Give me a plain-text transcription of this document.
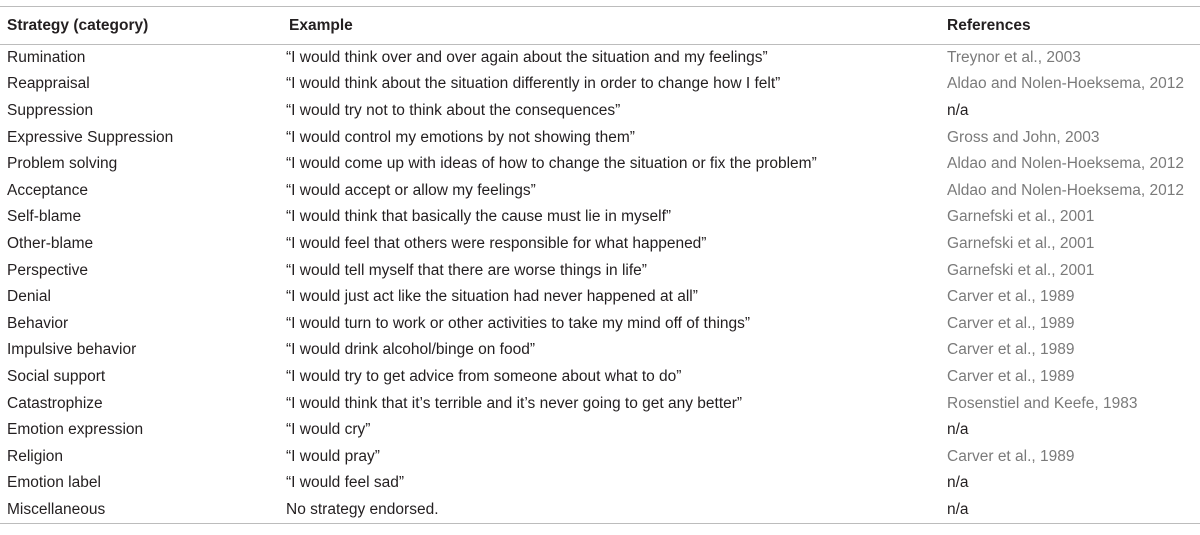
Strategy (category)	Example	References
Rumination	“I would think over and over again about the situation and my feelings”	Treynor et al., 2003
Reappraisal	“I would think about the situation differently in order to change how I felt”	Aldao and Nolen-Hoeksema, 2012
Suppression	“I would try not to think about the consequences”	n/a
Expressive Suppression	“I would control my emotions by not showing them”	Gross and John, 2003
Problem solving	“I would come up with ideas of how to change the situation or fix the problem”	Aldao and Nolen-Hoeksema, 2012
Acceptance	“I would accept or allow my feelings”	Aldao and Nolen-Hoeksema, 2012
Self-blame	“I would think that basically the cause must lie in myself”	Garnefski et al., 2001
Other-blame	“I would feel that others were responsible for what happened”	Garnefski et al., 2001
Perspective	“I would tell myself that there are worse things in life”	Garnefski et al., 2001
Denial	“I would just act like the situation had never happened at all”	Carver et al., 1989
Behavior	“I would turn to work or other activities to take my mind off of things”	Carver et al., 1989
Impulsive behavior	“I would drink alcohol/binge on food”	Carver et al., 1989
Social support	“I would try to get advice from someone about what to do”	Carver et al., 1989
Catastrophize	“I would think that it’s terrible and it’s never going to get any better”	Rosenstiel and Keefe, 1983
Emotion expression	“I would cry”	n/a
Religion	“I would pray”	Carver et al., 1989
Emotion label	“I would feel sad”	n/a
Miscellaneous	No strategy endorsed.	n/a
